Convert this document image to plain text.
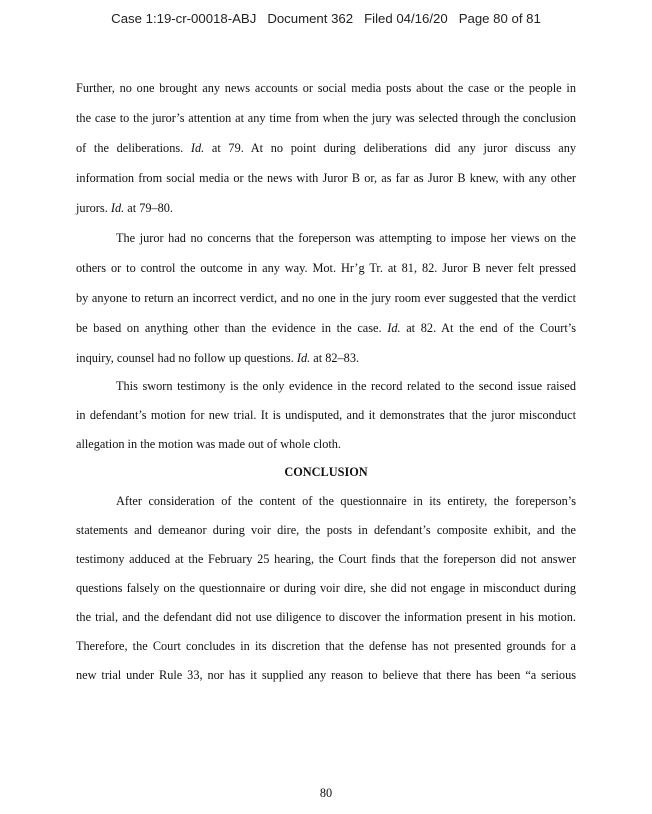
Case 1:19-cr-00018-ABJ Document 362 Filed 04/16/20 Page 80 of 81
Further, no one brought any news accounts or social media posts about the case or the people in
the case to the juror’s attention at any time from when the jury was selected through the conclusion
of the deliberations. Id. at 79. At no point during deliberations did any juror discuss any
information from social media or the news with Juror B or, as far as Juror B knew, with any other
jurors. Id. at 79–80.
The juror had no concerns that the foreperson was attempting to impose her views on the
others or to control the outcome in any way. Mot. Hr’g Tr. at 81, 82. Juror B never felt pressed
by anyone to return an incorrect verdict, and no one in the jury room ever suggested that the verdict
be based on anything other than the evidence in the case. Id. at 82. At the end of the Court’s
inquiry, counsel had no follow up questions. Id. at 82–83.
This sworn testimony is the only evidence in the record related to the second issue raised
in defendant’s motion for new trial. It is undisputed, and it demonstrates that the juror misconduct
allegation in the motion was made out of whole cloth.
CONCLUSION
After consideration of the content of the questionnaire in its entirety, the foreperson’s
statements and demeanor during voir dire, the posts in defendant’s composite exhibit, and the
testimony adduced at the February 25 hearing, the Court finds that the foreperson did not answer
questions falsely on the questionnaire or during voir dire, she did not engage in misconduct during
the trial, and the defendant did not use diligence to discover the information present in his motion.
Therefore, the Court concludes in its discretion that the defense has not presented grounds for a
new trial under Rule 33, nor has it supplied any reason to believe that there has been “a serious
80
